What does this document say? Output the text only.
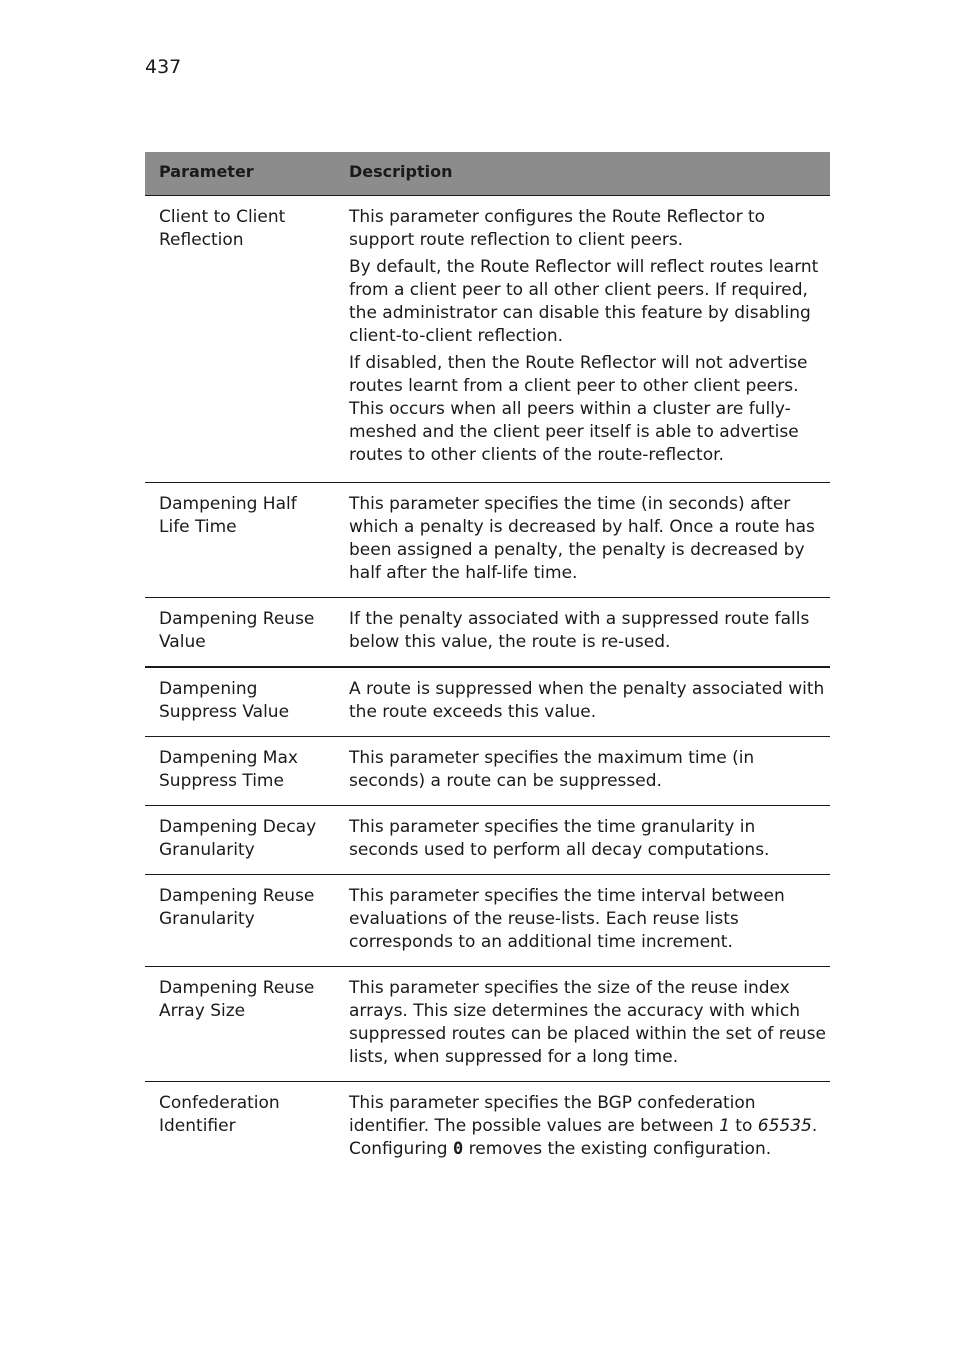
437
Parameter	Description
Client to Client Reflection

This parameter configures the Route Reflector to support route reflection to client peers.

By default, the Route Reflector will reflect routes learnt from a client peer to all other client peers. If required, the administrator can disable this feature by disabling client-to-client reflection.

If disabled, then the Route Reflector will not advertise routes learnt from a client peer to other client peers. This occurs when all peers within a cluster are fully-meshed and the client peer itself is able to advertise routes to other clients of the route-reflector.

Dampening Half Life Time

This parameter specifies the time (in seconds) after which a penalty is decreased by half. Once a route has been assigned a penalty, the penalty is decreased by half after the half-life time.

Dampening Reuse Value

If the penalty associated with a suppressed route falls below this value, the route is re-used.

Dampening Suppress Value

A route is suppressed when the penalty associated with the route exceeds this value.

Dampening Max Suppress Time

This parameter specifies the maximum time (in seconds) a route can be suppressed.

Dampening Decay Granularity

This parameter specifies the time granularity in seconds used to perform all decay computations.

Dampening Reuse Granularity

This parameter specifies the time interval between evaluations of the reuse-lists. Each reuse lists corresponds to an additional time increment.

Dampening Reuse Array Size

This parameter specifies the size of the reuse index arrays. This size determines the accuracy with which suppressed routes can be placed within the set of reuse lists, when suppressed for a long time.

Confederation Identifier

This parameter specifies the BGP confederation identifier. The possible values are between 1 to 65535. Configuring 0 removes the existing configuration.
